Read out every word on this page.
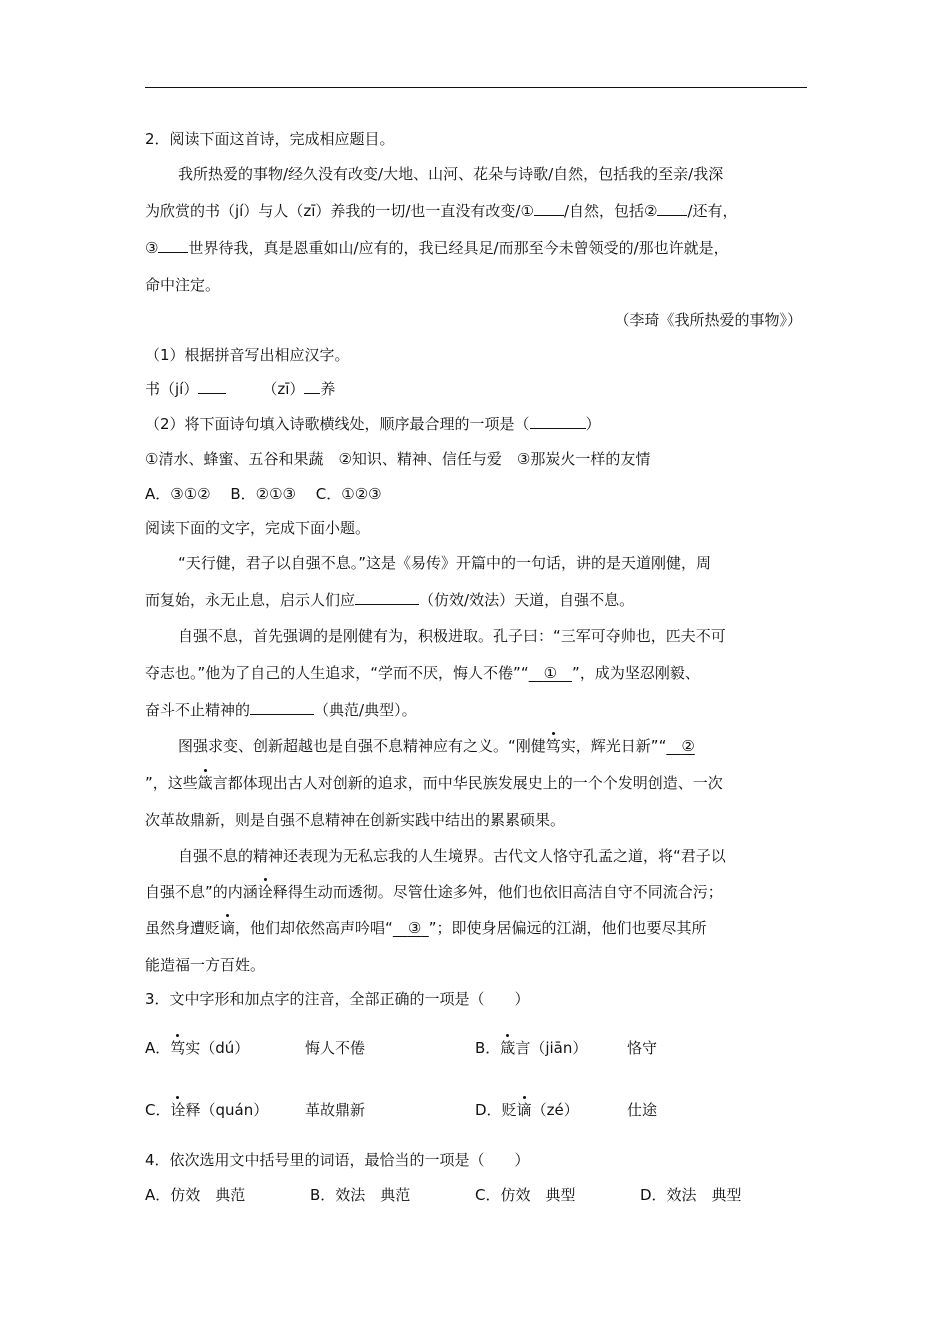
2．阅读下面这首诗，完成相应题目。
我所热爱的事物/经久没有改变/大地、山河、花朵与诗歌/自然，包括我的至亲/我深
为欣赏的书（jí）与人（zī）养我的一切/也一直没有改变/① /自然，包括② /还有，
③ 世界待我，真是恩重如山/应有的，我已经具足/而那至今未曾领受的/那也许就是，
命中注定。
（李琦《我所热爱的事物》）
（1）根据拼音写出相应汉字。
书（jí）	（zī） 养
（2）将下面诗句填入诗歌横线处，顺序最合理的一项是（	）
①清水、蜂蜜、五谷和果蔬　②知识、精神、信任与爱　③那炭火一样的友情
A．③①②　 B．②①③　 C．①②③
阅读下面的文字，完成下面小题。
“天行健，君子以自强不息。”这是《易传》开篇中的一句话，讲的是天道刚健，周
而复始，永无止息，启示人们应	（仿效/效法）天道，自强不息。
自强不息，首先强调的是刚健有为，积极进取。孔子曰：“三军可夺帅也，匹夫不可
夺志也。”他为了自己的人生追求，“学而不厌，悔人不倦”“  ①  ”，成为坚忍刚毅、
奋斗不止精神的	（典范/典型）。
图强求变、创新超越也是自强不息精神应有之义。“刚健笃实，辉光日新”“  ②
”，这些箴言都体现出古人对创新的追求，而中华民族发展史上的一个个发明创造、一次
次革故鼎新，则是自强不息精神在创新实践中结出的累累硕果。
自强不息的精神还表现为无私忘我的人生境界。古代文人恪守孔孟之道，将“君子以
自强不息”的内涵诠释得生动而透彻。尽管仕途多舛，他们也依旧高洁自守不同流合污；
虽然身遭贬谪，他们却依然高声吟唱“  ③  ”；即使身居偏远的江湖，他们也要尽其所
能造福一方百姓。
3．文中字形和加点字的注音，全部正确的一项是（　　）
A．笃实（dú）	悔人不倦	B．箴言（jiān）	恪守
C．诠释（quán） 革故鼎新	D．贬谪（zé）	仕途
4．依次选用文中括号里的词语，最恰当的一项是（　　）
A．仿效　典范	B．效法　典范	C．仿效　典型	D．效法　典型
